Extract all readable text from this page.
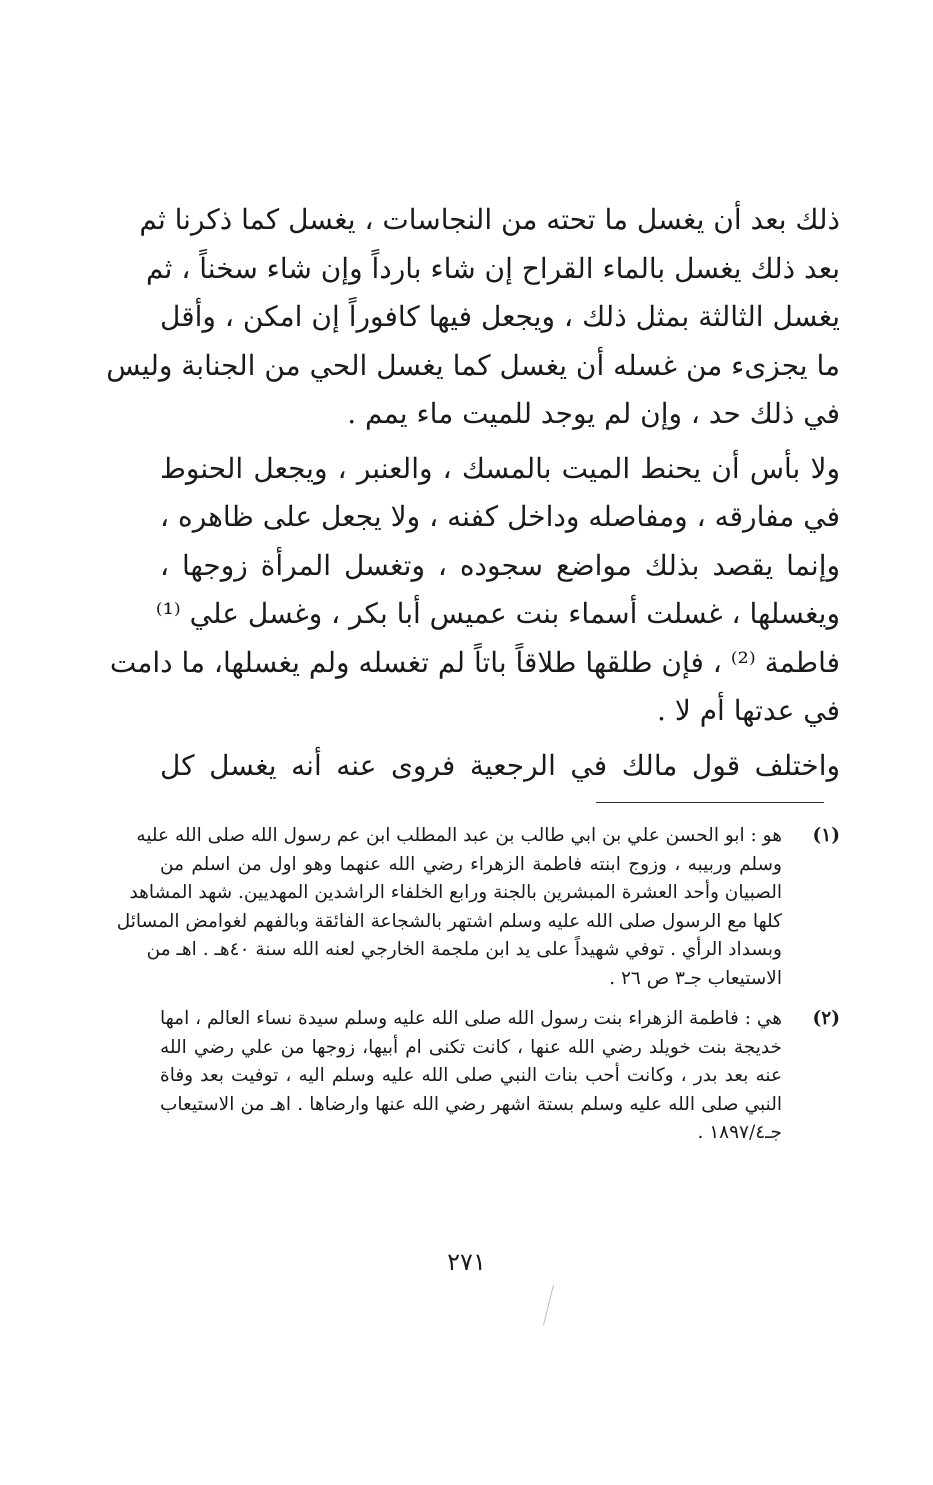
ذلك بعد أن يغسل ما تحته من النجاسات ، يغسل كما ذكرنا ثم
بعد ذلك يغسل بالماء القراح إن شاء بارداً وإن شاء سخناً ، ثم
يغسل الثالثة بمثل ذلك ، ويجعل فيها كافوراً إن امكن ، وأقل
ما يجزىء من غسله أن يغسل كما يغسل الحي من الجنابة وليس
في ذلك حد ، وإن لم يوجد للميت ماء يمم .
ولا بأس أن يحنط الميت بالمسك ، والعنبر ، ويجعل الحنوط
في مفارقه ، ومفاصله وداخل كفنه ، ولا يجعل على ظاهره ،
وإنما يقصد بذلك مواضع سجوده ، وتغسل المرأة زوجها ،
ويغسلها ، غسلت أسماء بنت عميس أبا بكر ، وغسل علي ⁽¹⁾
فاطمة ⁽²⁾ ، فإن طلقها طلاقاً باتاً لم تغسله ولم يغسلها، ما دامت
في عدتها أم لا .
واختلف قول مالك في الرجعية فروى عنه أنه يغسل كل
(١)
هو : ابو الحسن علي بن ابي طالب بن عبد المطلب ابن عم رسول الله صلى الله عليه
وسلم وربيبه ، وزوج ابنته فاطمة الزهراء رضي الله عنهما وهو اول من اسلم من
الصبيان وأحد العشرة المبشرين بالجنة ورابع الخلفاء الراشدين المهديين. شهد المشاهد
كلها مع الرسول صلى الله عليه وسلم اشتهر بالشجاعة الفائقة وبالفهم لغوامض المسائل
وبسداد الرأي . توفي شهيداً على يد ابن ملجمة الخارجي لعنه الله سنة ٤٠هـ . اهـ من
الاستيعاب جـ٣ ص ٢٦ .
(٢)
هي : فاطمة الزهراء بنت رسول الله صلى الله عليه وسلم سيدة نساء العالم ، امها
خديجة بنت خويلد رضي الله عنها ، كانت تكنى ام أبيها، زوجها من علي رضي الله
عنه بعد بدر ، وكانت أحب بنات النبي صلى الله عليه وسلم اليه ، توفيت بعد وفاة
النبي صلى الله عليه وسلم بستة اشهر رضي الله عنها وارضاها . اهـ من الاستيعاب
جـ١٨٩٧/٤ .
٢٧١
